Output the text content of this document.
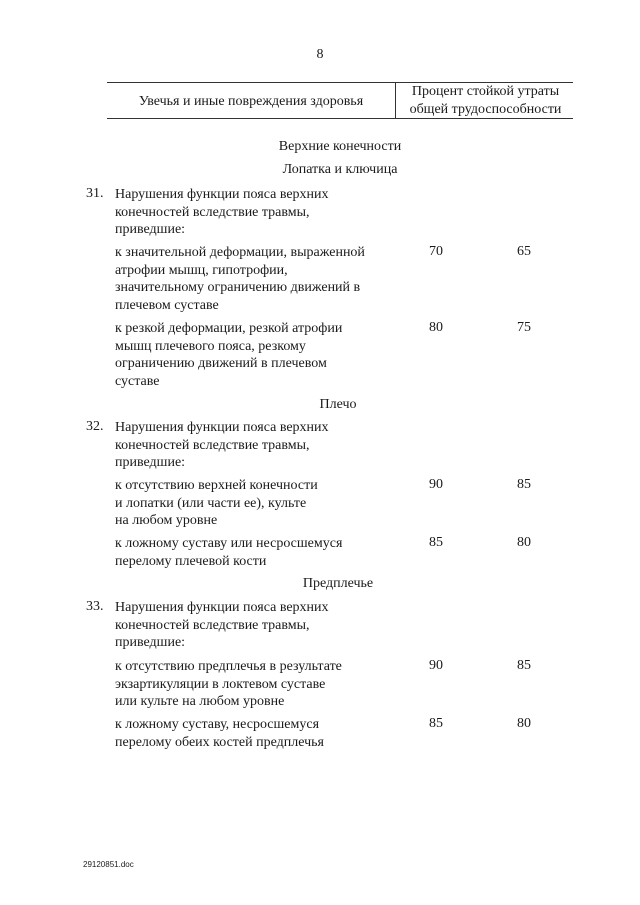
8
Увечья и иные повреждения здоровья
Процент стойкой утраты
общей трудоспособности
Верхние конечности
Лопатка и ключица
31. Нарушения функции пояса верхних
конечностей вследствие травмы,
приведшие:
к значительной деформации, выраженной
атрофии мышц, гипотрофии,
значительному ограничению движений в
плечевом суставе
70	65
к резкой деформации, резкой атрофии
мышц плечевого пояса, резкому
ограничению движений в плечевом
суставе
80	75
Плечо
32. Нарушения функции пояса верхних
конечностей вследствие травмы,
приведшие:
к отсутствию верхней конечности
и лопатки (или части ее), культе
на любом уровне
90	85
к ложному суставу или несросшемуся
перелому плечевой кости
85	80
Предплечье
33. Нарушения функции пояса верхних
конечностей вследствие травмы,
приведшие:
к отсутствию предплечья в результате
экзартикуляции в локтевом суставе
или культе на любом уровне
90	85
к ложному суставу, несросшемуся
перелому обеих костей предплечья
85	80
29120851.doc
